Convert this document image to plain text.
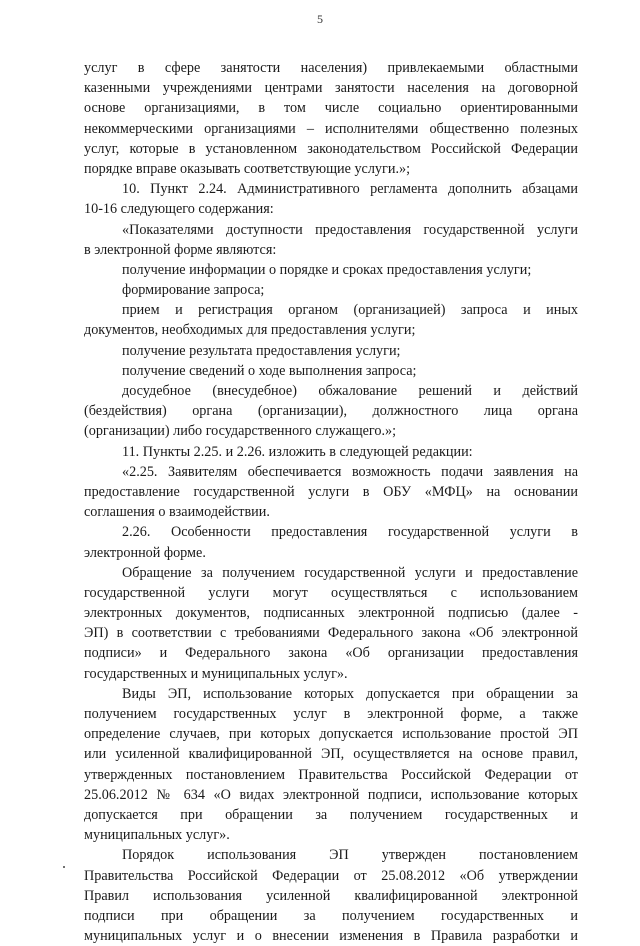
5
услуг в сфере занятости населения) привлекаемыми областными
казенными учреждениями центрами занятости населения на договорной
основе организациями, в том числе социально ориентированными
некоммерческими организациями – исполнителями общественно полезных
услуг, которые в установленном законодательством Российской Федерации
порядке вправе оказывать соответствующие услуги.»;
10. Пункт 2.24. Административного регламента дополнить абзацами
10-16 следующего содержания:
«Показателями доступности предоставления государственной услуги
в электронной форме являются:
получение информации о порядке и сроках предоставления услуги;
формирование запроса;
прием и регистрация органом (организацией) запроса и иных
документов, необходимых для предоставления услуги;
получение результата предоставления услуги;
получение сведений о ходе выполнения запроса;
досудебное (внесудебное) обжалование решений и действий
(бездействия) органа (организации), должностного лица органа
(организации) либо государственного служащего.»;
11. Пункты 2.25. и 2.26. изложить в следующей редакции:
«2.25. Заявителям обеспечивается возможность подачи заявления на
предоставление государственной услуги в ОБУ «МФЦ» на основании
соглашения о взаимодействии.
2.26. Особенности предоставления государственной услуги в
электронной форме.
Обращение за получением государственной услуги и предоставление
государственной услуги могут осуществляться с использованием
электронных документов, подписанных электронной подписью (далее -
ЭП) в соответствии с требованиями Федерального закона «Об электронной
подписи» и Федерального закона «Об организации предоставления
государственных и муниципальных услуг».
Виды ЭП, использование которых допускается при обращении за
получением государственных услуг в электронной форме, а также
определение случаев, при которых допускается использование простой ЭП
или усиленной квалифицированной ЭП, осуществляется на основе правил,
утвержденных постановлением Правительства Российской Федерации от
25.06.2012 № 634 «О видах электронной подписи, использование которых
допускается при обращении за получением государственных и
муниципальных услуг».
Порядок использования ЭП утвержден постановлением
Правительства Российской Федерации от 25.08.2012 «Об утверждении
Правил использования усиленной квалифицированной электронной
подписи при обращении за получением государственных и
муниципальных услуг и о внесении изменения в Правила разработки и
